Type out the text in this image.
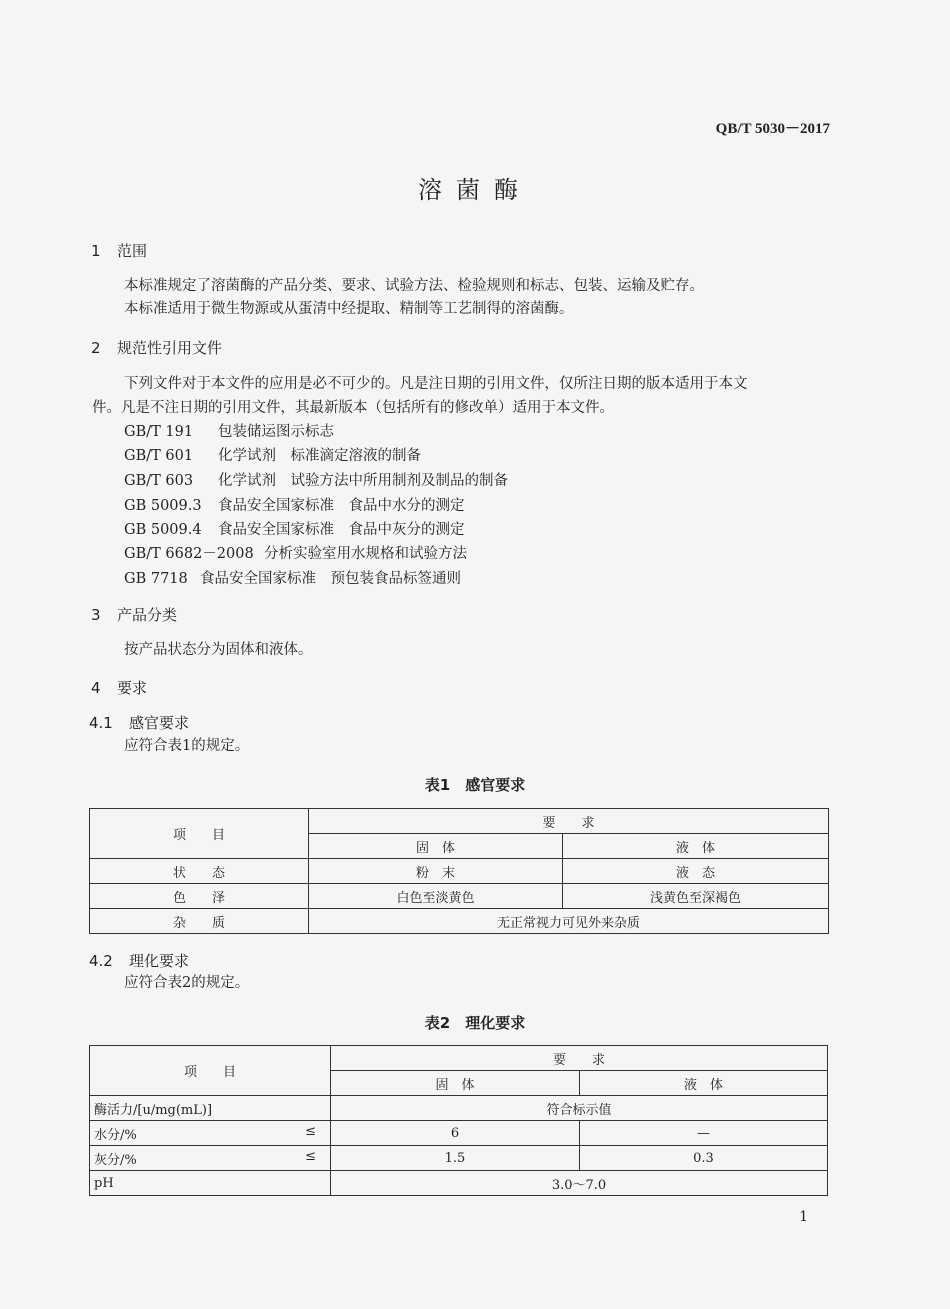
QB/T 5030－2017
溶菌酶
1 范围
本标准规定了溶菌酶的产品分类、要求、试验方法、检验规则和标志、包装、运输及贮存。
本标准适用于微生物源或从蛋清中经提取、精制等工艺制得的溶菌酶。
2 规范性引用文件
下列文件对于本文件的应用是必不可少的。凡是注日期的引用文件，仅所注日期的版本适用于本文
件。凡是不注日期的引用文件，其最新版本（包括所有的修改单）适用于本文件。
GB/T 191 包装储运图示标志
GB/T 601 化学试剂　标准滴定溶液的制备
GB/T 603 化学试剂　试验方法中所用制剂及制品的制备
GB 5009.3 食品安全国家标准　食品中水分的测定
GB 5009.4 食品安全国家标准　食品中灰分的测定
GB/T 6682－2008 分析实验室用水规格和试验方法
GB 7718 食品安全国家标准　预包装食品标签通则
3 产品分类
按产品状态分为固体和液体。
4 要求
4.1 感官要求
应符合表1的规定。
表1　感官要求
项　　目	要　　求	
	固　体	液　体
状　　态	粉　末	液　态
色　　泽	白色至淡黄色	浅黄色至深褐色
杂　　质	无正常视力可见外来杂质	
4.2 理化要求
应符合表2的规定。
表2　理化要求
项　　目	要　　求	
	固　体	液　体
酶活力/[u/mg(mL)]	符合标示值	
水分/% ≤	6	—
灰分/% ≤	1.5	0.3
pH	3.0～7.0	
1
